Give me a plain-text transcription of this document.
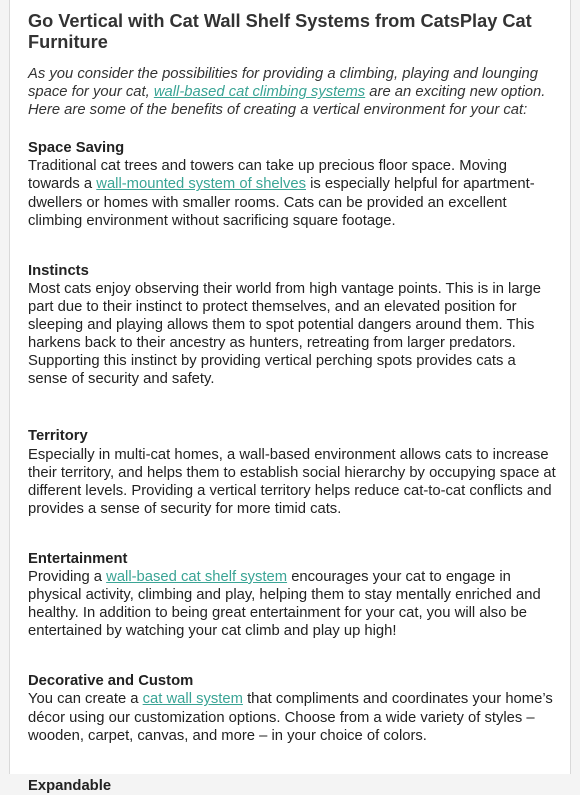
Go Vertical with Cat Wall Shelf Systems from CatsPlay Cat Furniture

As you consider the possibilities for providing a climbing, playing and lounging space for your cat, wall-based cat climbing systems are an exciting new option. Here are some of the benefits of creating a vertical environment for your cat:

Space Saving

Traditional cat trees and towers can take up precious floor space. Moving towards a wall-mounted system of shelves is especially helpful for apartment-dwellers or homes with smaller rooms. Cats can be provided an excellent climbing environment without sacrificing square footage.

Instincts

Most cats enjoy observing their world from high vantage points. This is in large part due to their instinct to protect themselves, and an elevated position for sleeping and playing allows them to spot potential dangers around them. This harkens back to their ancestry as hunters, retreating from larger predators. Supporting this instinct by providing vertical perching spots provides cats a sense of security and safety.

Territory

Especially in multi-cat homes, a wall-based environment allows cats to increase their territory, and helps them to establish social hierarchy by occupying space at different levels. Providing a vertical territory helps reduce cat-to-cat conflicts and provides a sense of security for more timid cats.

Entertainment

Providing a wall-based cat shelf system encourages your cat to engage in physical activity, climbing and play, helping them to stay mentally enriched and healthy. In addition to being great entertainment for your cat, you will also be entertained by watching your cat climb and play up high!

Decorative and Custom

You can create a cat wall system that compliments and coordinates your home’s décor using our customization options. Choose from a wide variety of styles – wooden, carpet, canvas, and more – in your choice of colors.

Expandable
